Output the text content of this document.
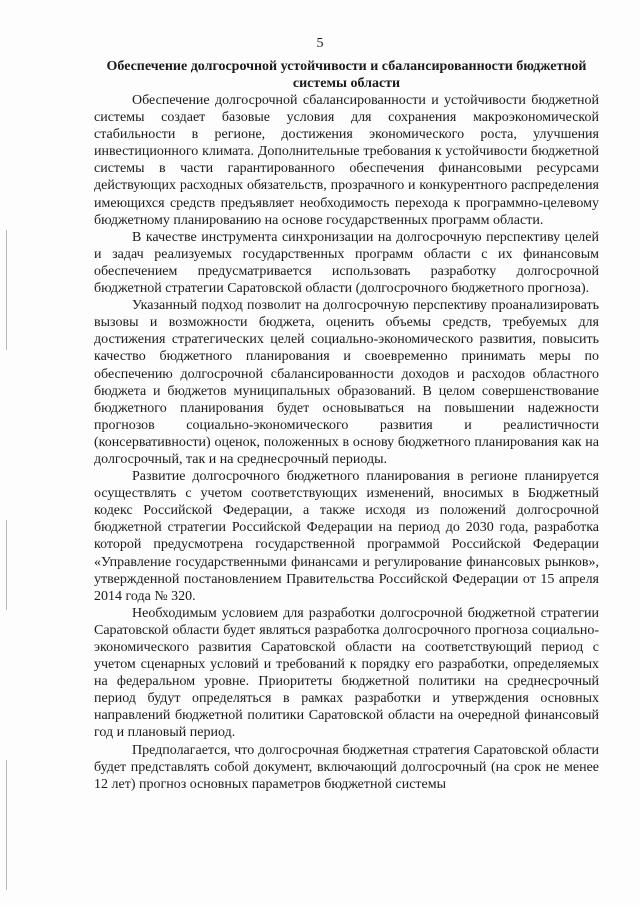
5
Обеспечение долгосрочной устойчивости и сбалансированности бюджетной системы области

Обеспечение долгосрочной сбалансированности и устойчивости бюджетной системы создает базовые условия для сохранения макроэкономической стабильности в регионе, достижения экономического роста, улучшения инвестиционного климата. Дополнительные требования к устойчивости бюджетной системы в части гарантированного обеспечения финансовыми ресурсами действующих расходных обязательств, прозрачного и конкурентного распределения имеющихся средств предъявляет необходимость перехода к программно-целевому бюджетному планированию на основе государственных программ области.

В качестве инструмента синхронизации на долгосрочную перспективу целей и задач реализуемых государственных программ области с их финансовым обеспечением предусматривается использовать разработку долгосрочной бюджетной стратегии Саратовской области (долгосрочного бюджетного прогноза).

Указанный подход позволит на долгосрочную перспективу проанализировать вызовы и возможности бюджета, оценить объемы средств, требуемых для достижения стратегических целей социально-экономического развития, повысить качество бюджетного планирования и своевременно принимать меры по обеспечению долгосрочной сбалансированности доходов и расходов областного бюджета и бюджетов муниципальных образований. В целом совершенствование бюджетного планирования будет основываться на повышении надежности прогнозов социально-экономического развития и реалистичности (консервативности) оценок, положенных в основу бюджетного планирования как на долгосрочный, так и на среднесрочный периоды.

Развитие долгосрочного бюджетного планирования в регионе планируется осуществлять с учетом соответствующих изменений, вносимых в Бюджетный кодекс Российской Федерации, а также исходя из положений долгосрочной бюджетной стратегии Российской Федерации на период до 2030 года, разработка которой предусмотрена государственной программой Российской Федерации «Управление государственными финансами и регулирование финансовых рынков», утвержденной постановлением Правительства Российской Федерации от 15 апреля 2014 года № 320.

Необходимым условием для разработки долгосрочной бюджетной стратегии Саратовской области будет являться разработка долгосрочного прогноза социально-экономического развития Саратовской области на соответствующий период с учетом сценарных условий и требований к порядку его разработки, определяемых на федеральном уровне. Приоритеты бюджетной политики на среднесрочный период будут определяться в рамках разработки и утверждения основных направлений бюджетной политики Саратовской области на очередной финансовый год и плановый период.

Предполагается, что долгосрочная бюджетная стратегия Саратовской области будет представлять собой документ, включающий долгосрочный (на срок не менее 12 лет) прогноз основных параметров бюджетной системы
